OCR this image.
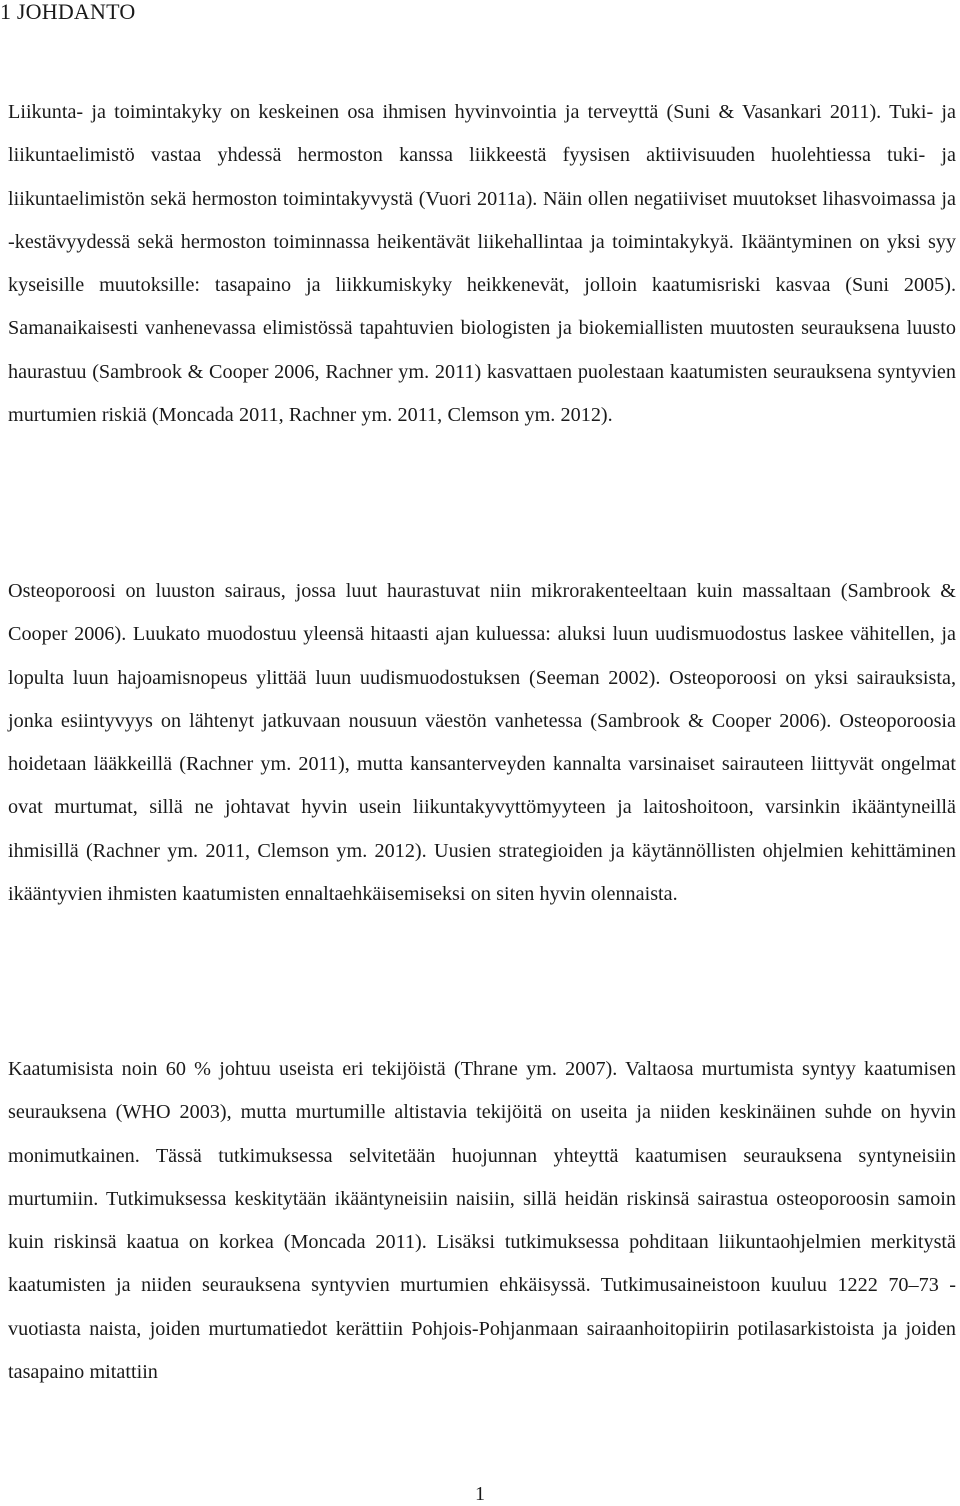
1 JOHDANTO

Liikunta- ja toimintakyky on keskeinen osa ihmisen hyvinvointia ja terveyttä (Suni & Vasankari 2011). Tuki- ja liikuntaelimistö vastaa yhdessä hermoston kanssa liikkeestä fyysisen aktiivisuuden huolehtiessa tuki- ja liikuntaelimistön sekä hermoston toimintakyvystä (Vuori 2011a). Näin ollen negatiiviset muutokset lihasvoimassa ja -kestävyydessä sekä hermoston toiminnassa heikentävät liikehallintaa ja toimintakykyä. Ikääntyminen on yksi syy kyseisille muutoksille: tasapaino ja liikkumiskyky heikkenevät, jolloin kaatumisriski kasvaa (Suni 2005). Samanaikaisesti vanhenevassa elimistössä tapahtuvien biologisten ja biokemiallisten muutosten seurauksena luusto haurastuu (Sambrook & Cooper 2006, Rachner ym. 2011) kasvattaen puolestaan kaatumisten seurauksena syntyvien murtumien riskiä (Moncada 2011, Rachner ym. 2011, Clemson ym. 2012).

Osteoporoosi on luuston sairaus, jossa luut haurastuvat niin mikrorakenteeltaan kuin massaltaan (Sambrook & Cooper 2006). Luukato muodostuu yleensä hitaasti ajan kuluessa: aluksi luun uudismuodostus laskee vähitellen, ja lopulta luun hajoamisnopeus ylittää luun uudismuodostuksen (Seeman 2002). Osteoporoosi on yksi sairauksista, jonka esiintyvyys on lähtenyt jatkuvaan nousuun väestön vanhetessa (Sambrook & Cooper 2006). Osteoporoosia hoidetaan lääkkeillä (Rachner ym. 2011), mutta kansanterveyden kannalta varsinaiset sairauteen liittyvät ongelmat ovat murtumat, sillä ne johtavat hyvin usein liikuntakyvyttömyyteen ja laitoshoitoon, varsinkin ikääntyneillä ihmisillä (Rachner ym. 2011, Clemson ym. 2012). Uusien strategioiden ja käytännöllisten ohjelmien kehittäminen ikääntyvien ihmisten kaatumisten ennaltaehkäisemiseksi on siten hyvin olennaista.

Kaatumisista noin 60 % johtuu useista eri tekijöistä (Thrane ym. 2007). Valtaosa murtumista syntyy kaatumisen seurauksena (WHO 2003), mutta murtumille altistavia tekijöitä on useita ja niiden keskinäinen suhde on hyvin monimutkainen. Tässä tutkimuksessa selvitetään huojunnan yhteyttä kaatumisen seurauksena syntyneisiin murtumiin. Tutkimuksessa keskitytään ikääntyneisiin naisiin, sillä heidän riskinsä sairastua osteoporoosin samoin kuin riskinsä kaatua on korkea (Moncada 2011). Lisäksi tutkimuksessa pohditaan liikuntaohjelmien merkitystä kaatumisten ja niiden seurauksena syntyvien murtumien ehkäisyssä. Tutkimusaineistoon kuuluu 1222 70–73 -vuotiasta naista, joiden murtumatiedot kerättiin Pohjois-Pohjanmaan sairaanhoitopiirin potilasarkistoista ja joiden tasapaino mitattiin

1
